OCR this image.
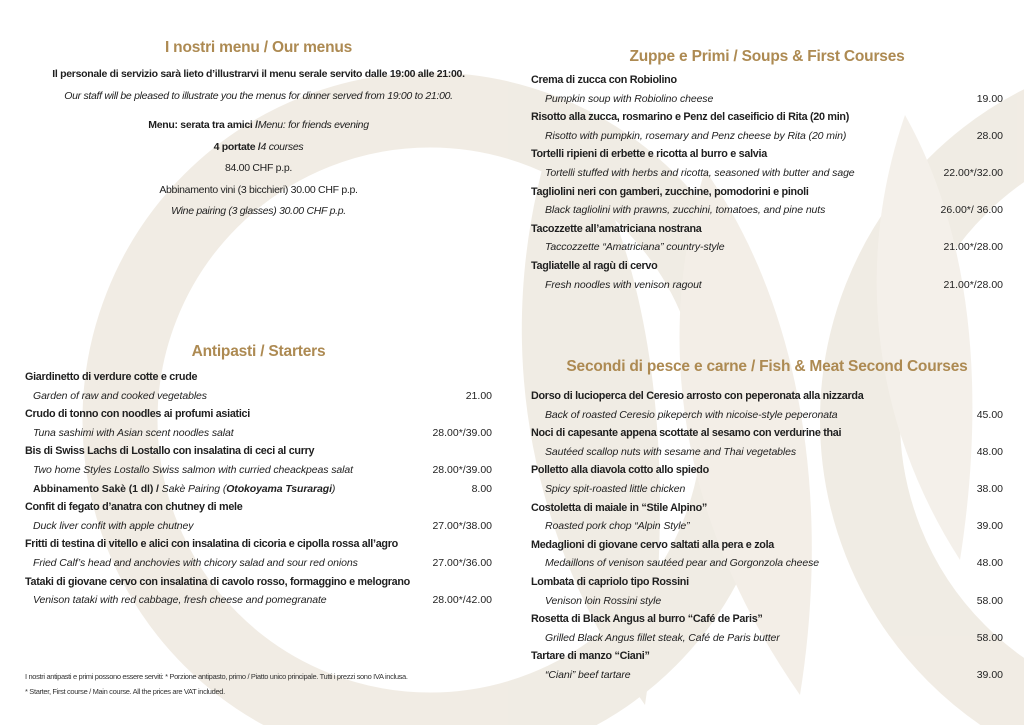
I nostri menu / Our menus
Il personale di servizio sarà lieto d’illustrarvi il menu serale servito dalle 19:00 alle 21:00.
Our staff will be pleased to illustrate you the menus for dinner served from 19:00 to 21:00.
Menu: serata tra amici / Menu: for friends evening
4 portate / 4 courses
84.00 CHF p.p.
Abbinamento vini (3 bicchieri) 30.00 CHF p.p.
Wine pairing (3 glasses) 30.00 CHF p.p.
Antipasti / Starters
Giardinetto di verdure cotte e crude
Garden of raw and cooked vegetables	21.00
Crudo di tonno con noodles ai profumi asiatici
Tuna sashimi with Asian scent noodles salat	28.00*/39.00
Bis di Swiss Lachs di Lostallo con insalatina di ceci al curry
Two home Styles Lostallo Swiss salmon with curried cheackpeas salat	28.00*/39.00
Abbinamento Sakè (1 dl) / Sakè Pairing (Otokoyama Tsuraragi)	8.00
Confit di fegato d’anatra con chutney di mele
Duck liver confit with apple chutney	27.00*/38.00
Fritti di testina di vitello e alici con insalatina di cicoria e cipolla rossa all’agro
Fried Calf’s head and anchovies with chicory salad and sour red onions	27.00*/36.00
Tataki di giovane cervo con insalatina di cavolo rosso, formaggino e melograno
Venison tataki with red cabbage, fresh cheese and pomegranate	28.00*/42.00
I nostri antipasti e primi possono essere serviti: * Porzione antipasto, primo / Piatto unico principale. Tutti i prezzi sono IVA inclusa.
* Starter, First course / Main course. All the prices are VAT included.
Zuppe e Primi / Soups & First Courses
Crema di zucca con Robiolino
Pumpkin soup with Robiolino cheese	19.00
Risotto alla zucca, rosmarino e Penz del caseificio di Rita (20 min)
Risotto with pumpkin, rosemary and Penz cheese by Rita (20 min)	28.00
Tortelli ripieni di erbette e ricotta al burro e salvia
Tortelli stuffed with herbs and ricotta, seasoned with butter and sage	22.00*/32.00
Tagliolini neri con gamberi, zucchine, pomodorini e pinoli
Black tagliolini with prawns, zucchini, tomatoes, and pine nuts	26.00*/ 36.00
Tacozzette all’amatriciana nostrana
Taccozzette “Amatriciana” country-style	21.00*/28.00
Tagliatelle al ragù di cervo
Fresh noodles with venison ragout	21.00*/28.00
Secondi di pesce e carne / Fish & Meat Second Courses
Dorso di lucioperca del Ceresio arrosto con peperonata alla nizzarda
Back of roasted Ceresio pikeperch with nicoise-style peperonata	45.00
Noci di capesante appena scottate al sesamo con verdurine thai
Sautéed scallop nuts with sesame and Thai vegetables	48.00
Polletto alla diavola cotto allo spiedo
Spicy spit-roasted little chicken	38.00
Costoletta di maiale in “Stile Alpino”
Roasted pork chop “Alpin Style”	39.00
Medaglioni di giovane cervo saltati alla pera e zola
Medaillons of venison sautéed pear and Gorgonzola cheese	48.00
Lombata di capriolo tipo Rossini
Venison loin Rossini style	58.00
Rosetta di Black Angus al burro “Café de Paris”
Grilled Black Angus fillet steak, Café de Paris butter	58.00
Tartare di manzo “Ciani”
“Ciani” beef tartare	39.00
